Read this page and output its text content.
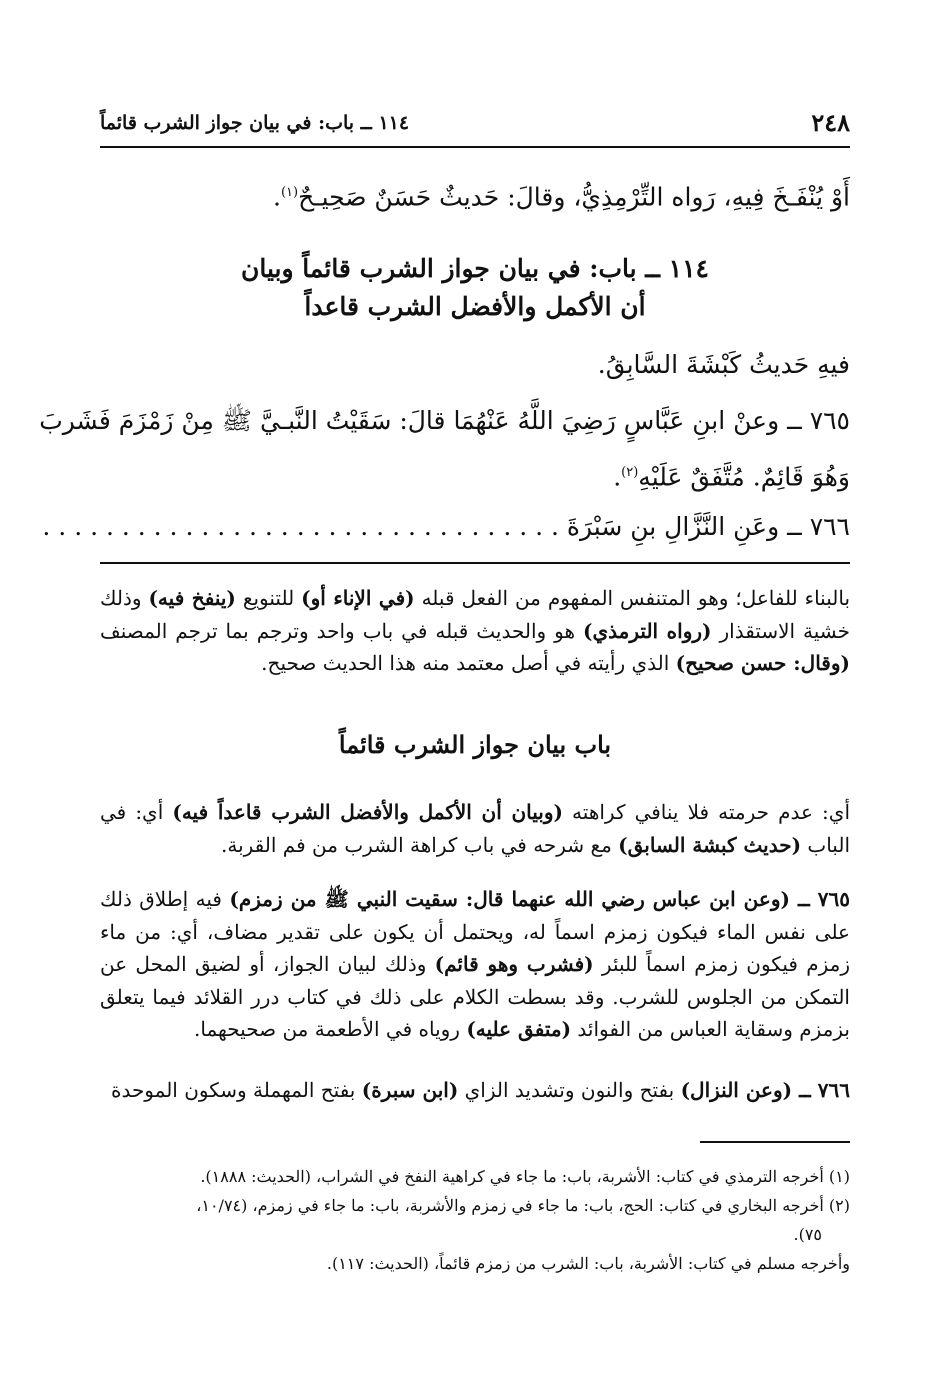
٢٤٨
١١٤ ــ باب: في بيان جواز الشرب قائماً
أَوْ يُنْفَـخَ فِيهِ، رَواه التِّرْمِذِيُّ، وقالَ: حَديثٌ حَسَنٌ صَحِيـحٌ$^{(١)}$.
١١٤ ــ باب: في بيان جواز الشرب قائماً وبيان
أن الأكمل والأفضل الشرب قاعداً
فيهِ حَديثُ كَبْشَةَ السَّابِقُ.
٧٦٥ ــ وعنْ ابنِ عَبَّاسٍ رَضِيَ اللَّهُ عَنْهُمَا قالَ: سَقَيْتُ النَّبـيَّ ﷺ مِنْ زَمْزَمَ فَشَربَ
وَهُوَ قَائِمٌ. مُتَّفَقٌ عَلَيْهِ$^{(٢)}$.
٧٦٦ ــ وعَنِ النَّزَّالِ بنِ سَبْرَةَ . . . . . . . . . . . . . . . . . . . . . . . . . . . . . . . . .

بالبناء للفاعل؛ وهو المتنفس المفهوم من الفعل قبله (في الإناء أو) للتنويع (ينفخ فيه) وذلك خشية الاستقذار (رواه الترمذي) هو والحديث قبله في باب واحد وترجم بما ترجم المصنف (وقال: حسن صحيح) الذي رأيته في أصل معتمد منه هذا الحديث صحيح.

باب بيان جواز الشرب قائماً

أي: عدم حرمته فلا ينافي كراهته (وبيان أن الأكمل والأفضل الشرب قاعداً فيه) أي: في الباب (حديث كبشة السابق) مع شرحه في باب كراهة الشرب من فم القربة.

٧٦٥ ــ (وعن ابن عباس رضي الله عنهما قال: سقيت النبي ﷺ من زمزم) فيه إطلاق ذلك على نفس الماء فيكون زمزم اسماً له، ويحتمل أن يكون على تقدير مضاف، أي: من ماء زمزم فيكون زمزم اسماً للبئر (فشرب وهو قائم) وذلك لبيان الجواز، أو لضيق المحل عن التمكن من الجلوس للشرب. وقد بسطت الكلام على ذلك في كتاب درر القلائد فيما يتعلق بزمزم وسقاية العباس من الفوائد (متفق عليه) روياه في الأطعمة من صحيحهما.

٧٦٦ ــ (وعن النزال) بفتح والنون وتشديد الزاي (ابن سبرة) بفتح المهملة وسكون الموحدة

(١) أخرجه الترمذي في كتاب: الأشربة، باب: ما جاء في كراهية النفخ في الشراب، (الحديث: ١٨٨٨).

(٢) أخرجه البخاري في كتاب: الحج، باب: ما جاء في زمزم والأشربة، باب: ما جاء في زمزم، (١٠/٧٤،

٧٥).

وأخرجه مسلم في كتاب: الأشربة، باب: الشرب من زمزم قائماً، (الحديث: ١١٧).
